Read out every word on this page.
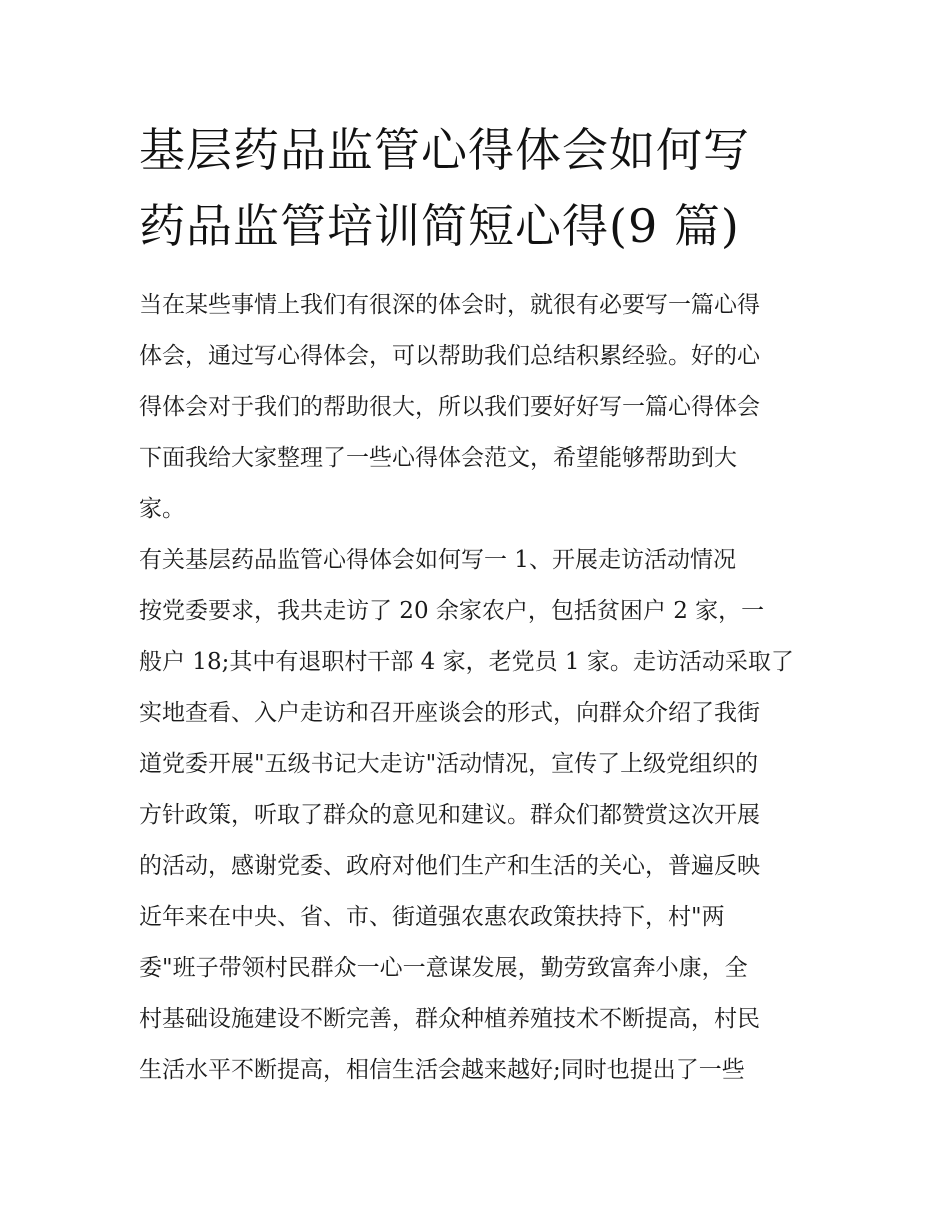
基层药品监管心得体会如何写
药品监管培训简短心得(9 篇)
当在某些事情上我们有很深的体会时，就很有必要写一篇心得
体会，通过写心得体会，可以帮助我们总结积累经验。好的心
得体会对于我们的帮助很大，所以我们要好好写一篇心得体会
下面我给大家整理了一些心得体会范文，希望能够帮助到大
家。
有关基层药品监管心得体会如何写一 1、开展走访活动情况
按党委要求，我共走访了 20 余家农户，包括贫困户 2 家，一
般户 18;其中有退职村干部 4 家，老党员 1 家。走访活动采取了
实地查看、入户走访和召开座谈会的形式，向群众介绍了我街
道党委开展"五级书记大走访"活动情况，宣传了上级党组织的
方针政策，听取了群众的意见和建议。群众们都赞赏这次开展
的活动，感谢党委、政府对他们生产和生活的关心，普遍反映
近年来在中央、省、市、街道强农惠农政策扶持下，村"两
委"班子带领村民群众一心一意谋发展，勤劳致富奔小康，全
村基础设施建设不断完善，群众种植养殖技术不断提高，村民
生活水平不断提高，相信生活会越来越好;同时也提出了一些
